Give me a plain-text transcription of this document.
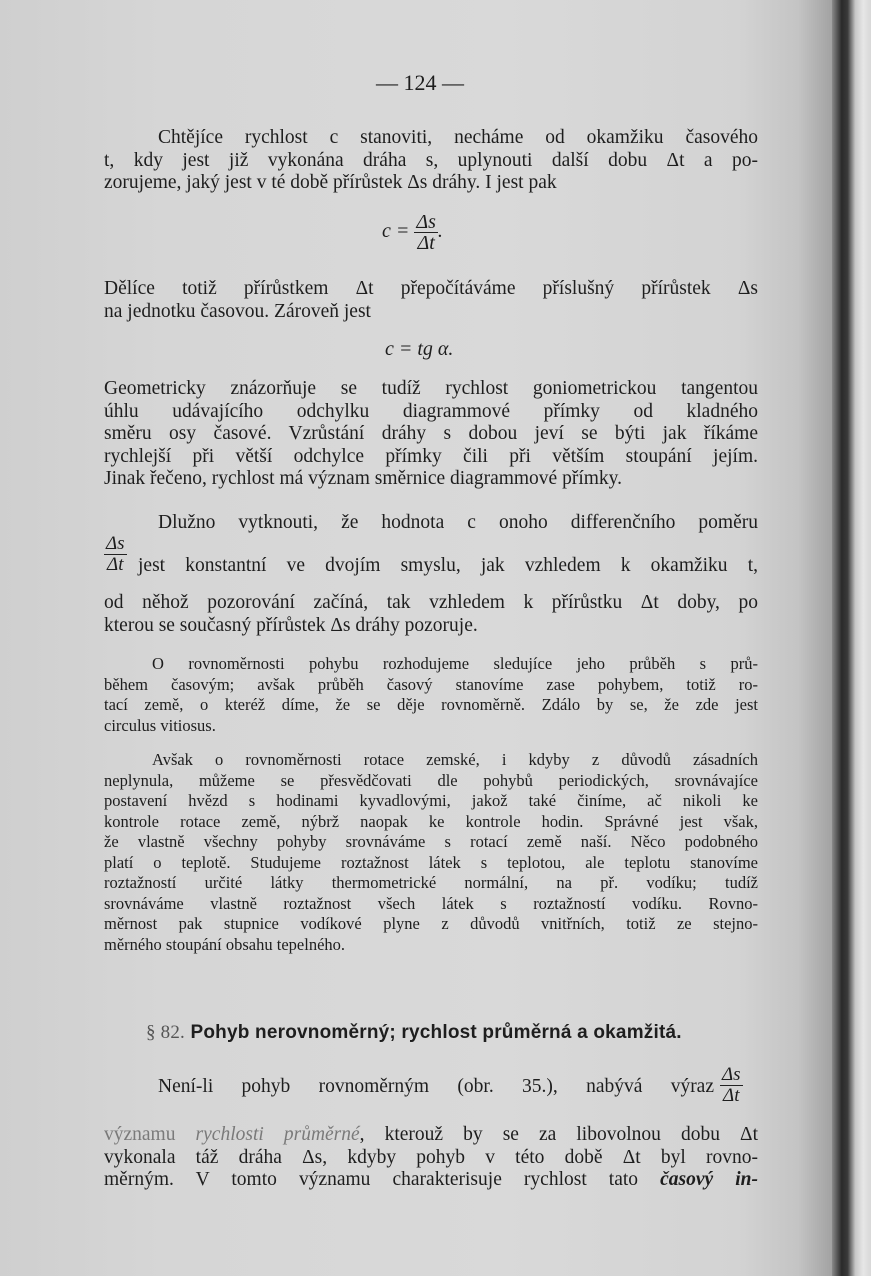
— 124 —
Chtějíce rychlost c stanoviti, necháme od okamžiku časového
t, kdy jest již vykonána dráha s, uplynouti další dobu Δt a po-
zorujeme, jaký jest v té době přírůstek Δs dráhy. I jest pak
$c = \frac{\Delta s}{\Delta t}$ .
Dělíce totiž přírůstkem Δt přepočítáváme příslušný přírůstek Δs
na jednotku časovou. Zároveň jest
c = tg α.
Geometricky znázorňuje se tudíž rychlost goniometrickou tangentou
úhlu udávajícího odchylku diagrammové přímky od kladného
směru osy časové. Vzrůstání dráhy s dobou jeví se býti jak říkáme
rychlejší při větší odchylce přímky čili při větším stoupání jejím.
Jinak řečeno, rychlost má význam směrnice diagrammové přímky.
Dlužno vytknouti, že hodnota c onoho differenčního poměru
$\frac{\Delta s}{\Delta t}$ jest konstantní ve dvojím smyslu, jak vzhledem k okamžiku t,
od něhož pozorování začíná, tak vzhledem k přírůstku Δt doby, po
kterou se současný přírůstek Δs dráhy pozoruje.
O rovnoměrnosti pohybu rozhodujeme sledujíce jeho průběh s prů-
během časovým; avšak průběh časový stanovíme zase pohybem, totiž ro-
tací země, o kteréž díme, že se děje rovnoměrně. Zdálo by se, že zde jest
circulus vitiosus.
Avšak o rovnoměrnosti rotace zemské, i kdyby z důvodů zásadních
neplynula, můžeme se přesvědčovati dle pohybů periodických, srovnávajíce
postavení hvězd s hodinami kyvadlovými, jakož také činíme, ač nikoli ke
kontrole rotace země, nýbrž naopak ke kontrole hodin. Správné jest však,
že vlastně všechny pohyby srovnáváme s rotací země naší. Něco podobného
platí o teplotě. Studujeme roztažnost látek s teplotou, ale teplotu stanovíme
roztažností určité látky thermometrické normální, na př. vodíku; tudíž
srovnáváme vlastně roztažnost všech látek s roztažností vodíku. Rovno-
měrnost pak stupnice vodíkové plyne z důvodů vnitřních, totiž ze stejno-
měrného stoupání obsahu tepelného.
§ 82. Pohyb nerovnoměrný; rychlost průměrná a okamžitá.
Není-li pohyb rovnoměrným (obr. 35.), nabývá výraz $\frac{\Delta s}{\Delta t}$
významu rychlosti průměrné, kterouž by se za libovolnou dobu Δt
vykonala táž dráha Δs, kdyby pohyb v této době Δt byl rovno-
měrným. V tomto významu charakterisuje rychlost tato časový in-
